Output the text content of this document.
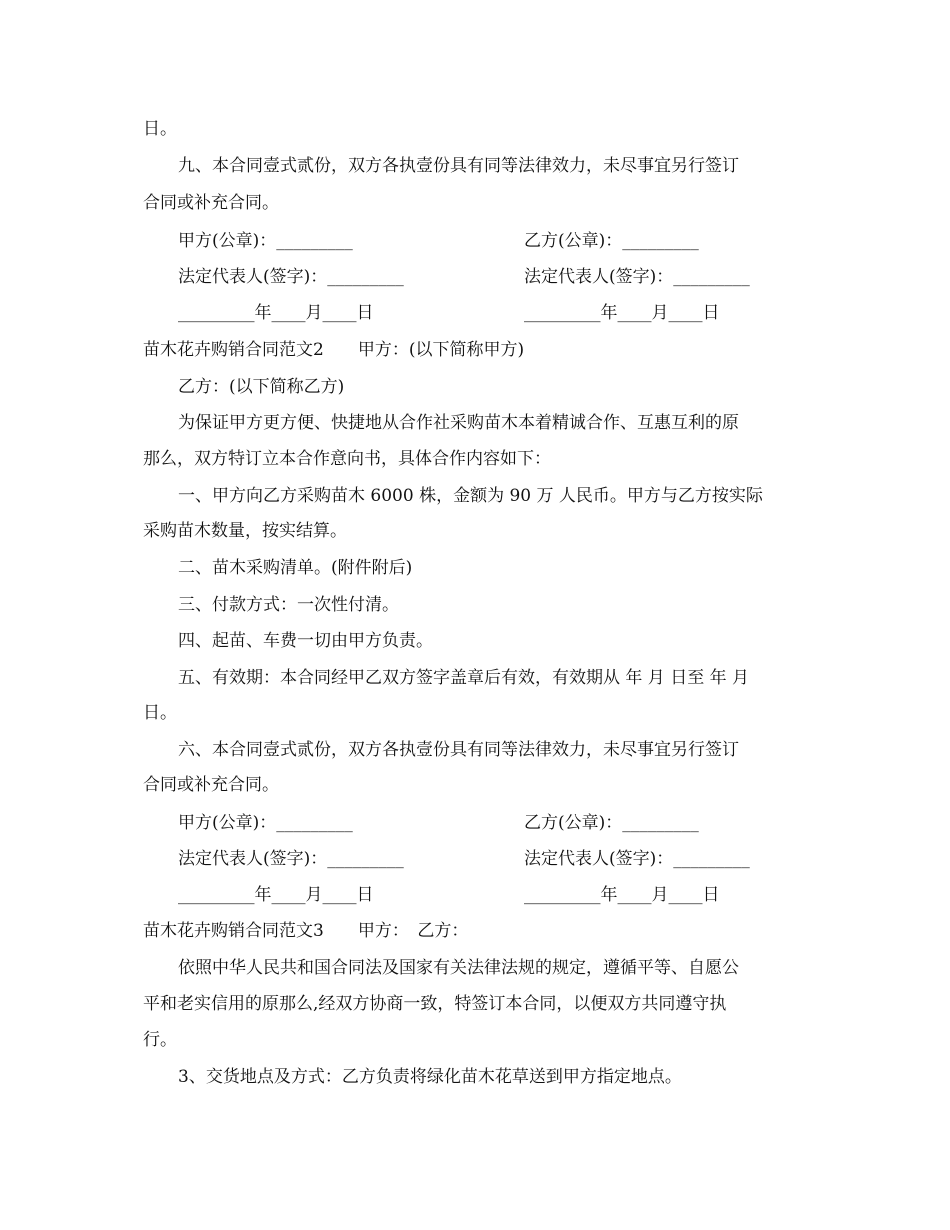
日。
九、本合同壹式贰份，双方各执壹份具有同等法律效力，未尽事宜另行签订
合同或补充合同。
甲方(公章)：_________	乙方(公章)：_________
法定代表人(签字)：_________	法定代表人(签字)：_________
_________年____月____日	_________年____月____日
苗木花卉购销合同范文2　　甲方：(以下简称甲方)
乙方：(以下简称乙方)
为保证甲方更方便、快捷地从合作社采购苗木本着精诚合作、互惠互利的原
那么，双方特订立本合作意向书，具体合作内容如下：
一、甲方向乙方采购苗木 6000 株，金额为 90 万 人民币。甲方与乙方按实际
采购苗木数量，按实结算。
二、苗木采购清单。(附件附后)
三、付款方式：一次性付清。
四、起苗、车费一切由甲方负责。
五、有效期：本合同经甲乙双方签字盖章后有效，有效期从 年 月 日至 年 月
日。
六、本合同壹式贰份，双方各执壹份具有同等法律效力，未尽事宜另行签订
合同或补充合同。
甲方(公章)：_________	乙方(公章)：_________
法定代表人(签字)：_________	法定代表人(签字)：_________
_________年____月____日	_________年____月____日
苗木花卉购销合同范文3　　甲方：　乙方：
依照中华人民共和国合同法及国家有关法律法规的规定，遵循平等、自愿公
平和老实信用的原那么,经双方协商一致，特签订本合同，以便双方共同遵守执
行。
3、交货地点及方式：乙方负责将绿化苗木花草送到甲方指定地点。
